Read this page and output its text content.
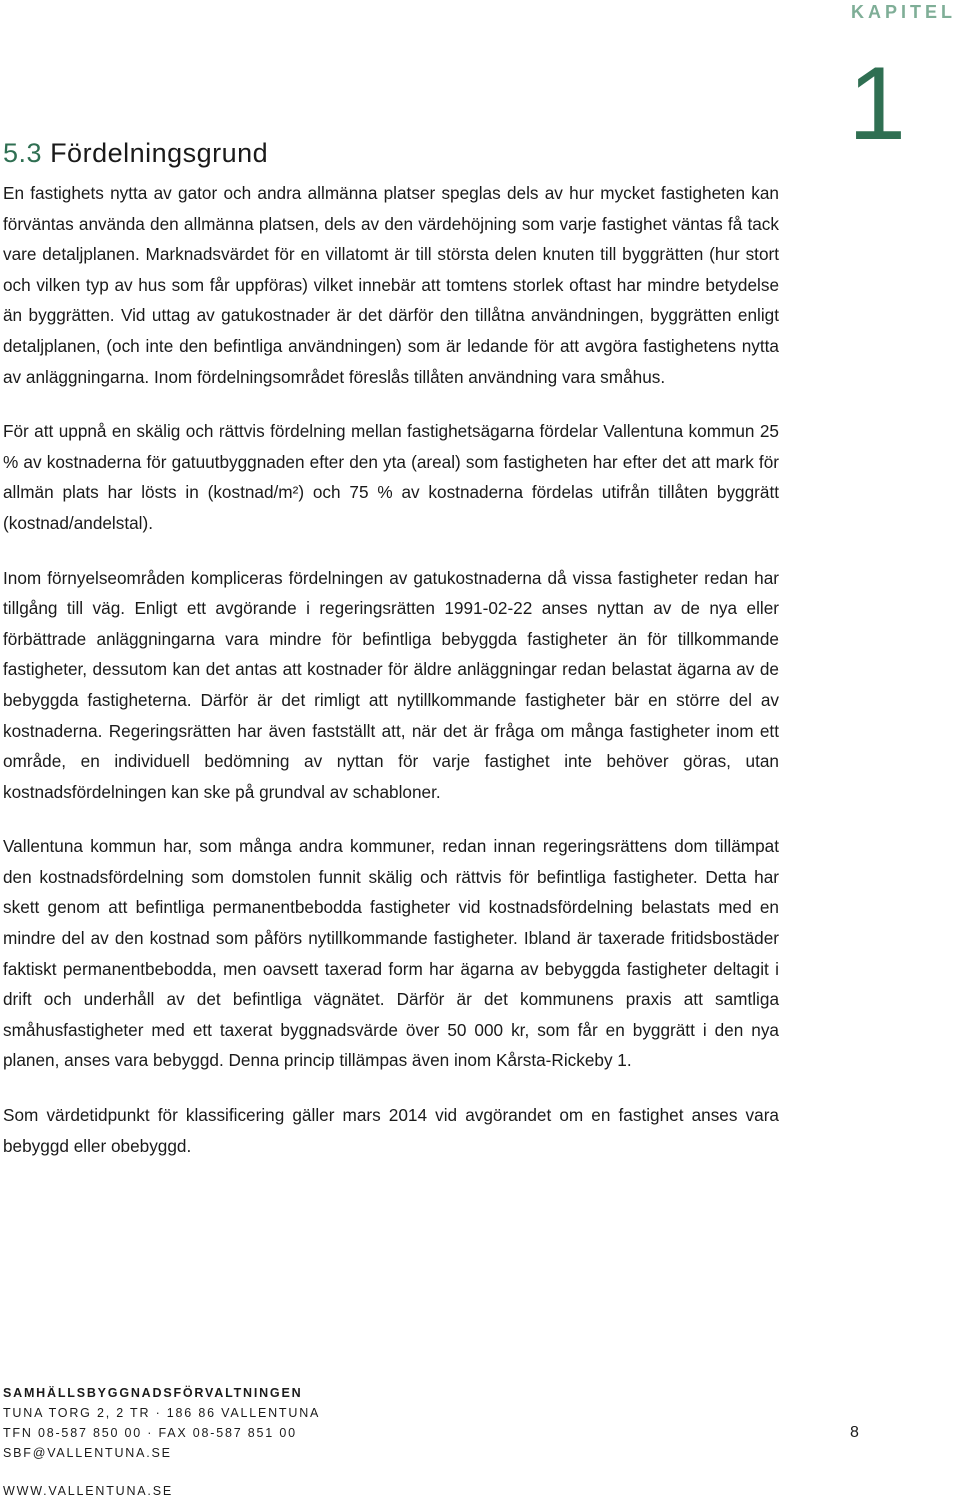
KAPITEL
1
5.3 Fördelningsgrund

En fastighets nytta av gator och andra allmänna platser speglas dels av hur mycket fastigheten kan förväntas använda den allmänna platsen, dels av den värdehöjning som varje fastighet väntas få tack vare detaljplanen. Marknadsvärdet för en villatomt är till största delen knuten till byggrätten (hur stort och vilken typ av hus som får uppföras) vilket innebär att tomtens storlek oftast har mindre betydelse än byggrätten. Vid uttag av gatukostnader är det därför den tillåtna användningen, byggrätten enligt detaljplanen, (och inte den befintliga användningen) som är ledande för att avgöra fastighetens nytta av anläggningarna. Inom fördelningsområdet föreslås tillåten användning vara småhus.

För att uppnå en skälig och rättvis fördelning mellan fastighetsägarna fördelar Vallentuna kommun 25 % av kostnaderna för gatuutbyggnaden efter den yta (areal) som fastigheten har efter det att mark för allmän plats har lösts in (kostnad/m²) och 75 % av kostnaderna fördelas utifrån tillåten byggrätt (kostnad/andelstal).

Inom förnyelseområden kompliceras fördelningen av gatukostnaderna då vissa fastigheter redan har tillgång till väg. Enligt ett avgörande i regeringsrätten 1991-02-22 anses nyttan av de nya eller förbättrade anläggningarna vara mindre för befintliga bebyggda fastigheter än för tillkommande fastigheter, dessutom kan det antas att kostnader för äldre anläggningar redan belastat ägarna av de bebyggda fastigheterna. Därför är det rimligt att nytillkommande fastigheter bär en större del av kostnaderna. Regeringsrätten har även fastställt att, när det är fråga om många fastigheter inom ett område, en individuell bedömning av nyttan för varje fastighet inte behöver göras, utan kostnadsfördelningen kan ske på grundval av schabloner.

Vallentuna kommun har, som många andra kommuner, redan innan regeringsrättens dom tillämpat den kostnadsfördelning som domstolen funnit skälig och rättvis för befintliga fastigheter. Detta har skett genom att befintliga permanentbebodda fastigheter vid kostnadsfördelning belastats med en mindre del av den kostnad som påförs nytillkommande fastigheter. Ibland är taxerade fritidsbostäder faktiskt permanentbebodda, men oavsett taxerad form har ägarna av bebyggda fastigheter deltagit i drift och underhåll av det befintliga vägnätet. Därför är det kommunens praxis att samtliga småhusfastigheter med ett taxerat byggnadsvärde över 50 000 kr, som får en byggrätt i den nya planen, anses vara bebyggd. Denna princip tillämpas även inom Kårsta-Rickeby 1.

Som värdetidpunkt för klassificering gäller mars 2014 vid avgörandet om en fastighet anses vara bebyggd eller obebyggd.

SAMHÄLLSBYGGNADSFÖRVALTNINGEN
TUNA TORG 2, 2 TR · 186 86 VALLENTUNA
TFN 08-587 850 00 · FAX 08-587 851 00
SBF@VALLENTUNA.SE
WWW.VALLENTUNA.SE
8
